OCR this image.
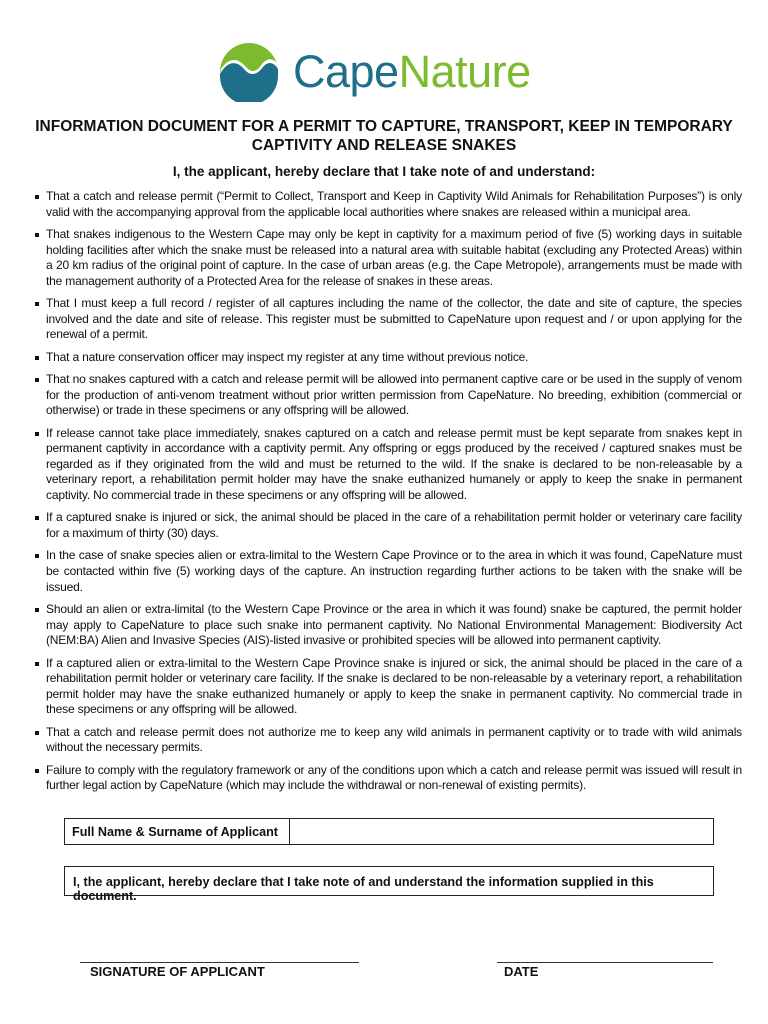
CapeNature
INFORMATION DOCUMENT FOR A PERMIT TO CAPTURE, TRANSPORT, KEEP IN TEMPORARY CAPTIVITY AND RELEASE SNAKES
I, the applicant, hereby declare that I take note of and understand:
That a catch and release permit (“Permit to Collect, Transport and Keep in Captivity Wild Animals for Rehabilitation Purposes”) is only valid with the accompanying approval from the applicable local authorities where snakes are released within a municipal area.
That snakes indigenous to the Western Cape may only be kept in captivity for a maximum period of five (5) working days in suitable holding facilities after which the snake must be released into a natural area with suitable habitat (excluding any Protected Areas) within a 20 km radius of the original point of capture. In the case of urban areas (e.g. the Cape Metropole), arrangements must be made with the management authority of a Protected Area for the release of snakes in these areas.
That I must keep a full record / register of all captures including the name of the collector, the date and site of capture, the species involved and the date and site of release. This register must be submitted to CapeNature upon request and / or upon applying for the renewal of a permit.
That a nature conservation officer may inspect my register at any time without previous notice.
That no snakes captured with a catch and release permit will be allowed into permanent captive care or be used in the supply of venom for the production of anti-venom treatment without prior written permission from CapeNature. No breeding, exhibition (commercial or otherwise) or trade in these specimens or any offspring will be allowed.
If release cannot take place immediately, snakes captured on a catch and release permit must be kept separate from snakes kept in permanent captivity in accordance with a captivity permit. Any offspring or eggs produced by the received / captured snakes must be regarded as if they originated from the wild and must be returned to the wild. If the snake is declared to be non-releasable by a veterinary report, a rehabilitation permit holder may have the snake euthanized humanely or apply to keep the snake in permanent captivity. No commercial trade in these specimens or any offspring will be allowed.
If a captured snake is injured or sick, the animal should be placed in the care of a rehabilitation permit holder or veterinary care facility for a maximum of thirty (30) days.
In the case of snake species alien or extra-limital to the Western Cape Province or to the area in which it was found, CapeNature must be contacted within five (5) working days of the capture. An instruction regarding further actions to be taken with the snake will be issued.
Should an alien or extra-limital (to the Western Cape Province or the area in which it was found) snake be captured, the permit holder may apply to CapeNature to place such snake into permanent captivity. No National Environmental Management: Biodiversity Act (NEM:BA) Alien and Invasive Species (AIS)-listed invasive or prohibited species will be allowed into permanent captivity.
If a captured alien or extra-limital to the Western Cape Province snake is injured or sick, the animal should be placed in the care of a rehabilitation permit holder or veterinary care facility. If the snake is declared to be non-releasable by a veterinary report, a rehabilitation permit holder may have the snake euthanized humanely or apply to keep the snake in permanent captivity. No commercial trade in these specimens or any offspring will be allowed.
That a catch and release permit does not authorize me to keep any wild animals in permanent captivity or to trade with wild animals without the necessary permits.
Failure to comply with the regulatory framework or any of the conditions upon which a catch and release permit was issued will result in further legal action by CapeNature (which may include the withdrawal or non-renewal of existing permits).
Full Name & Surname of Applicant
I, the applicant, hereby declare that I take note of and understand the information supplied in this document.
SIGNATURE OF APPLICANT	DATE
